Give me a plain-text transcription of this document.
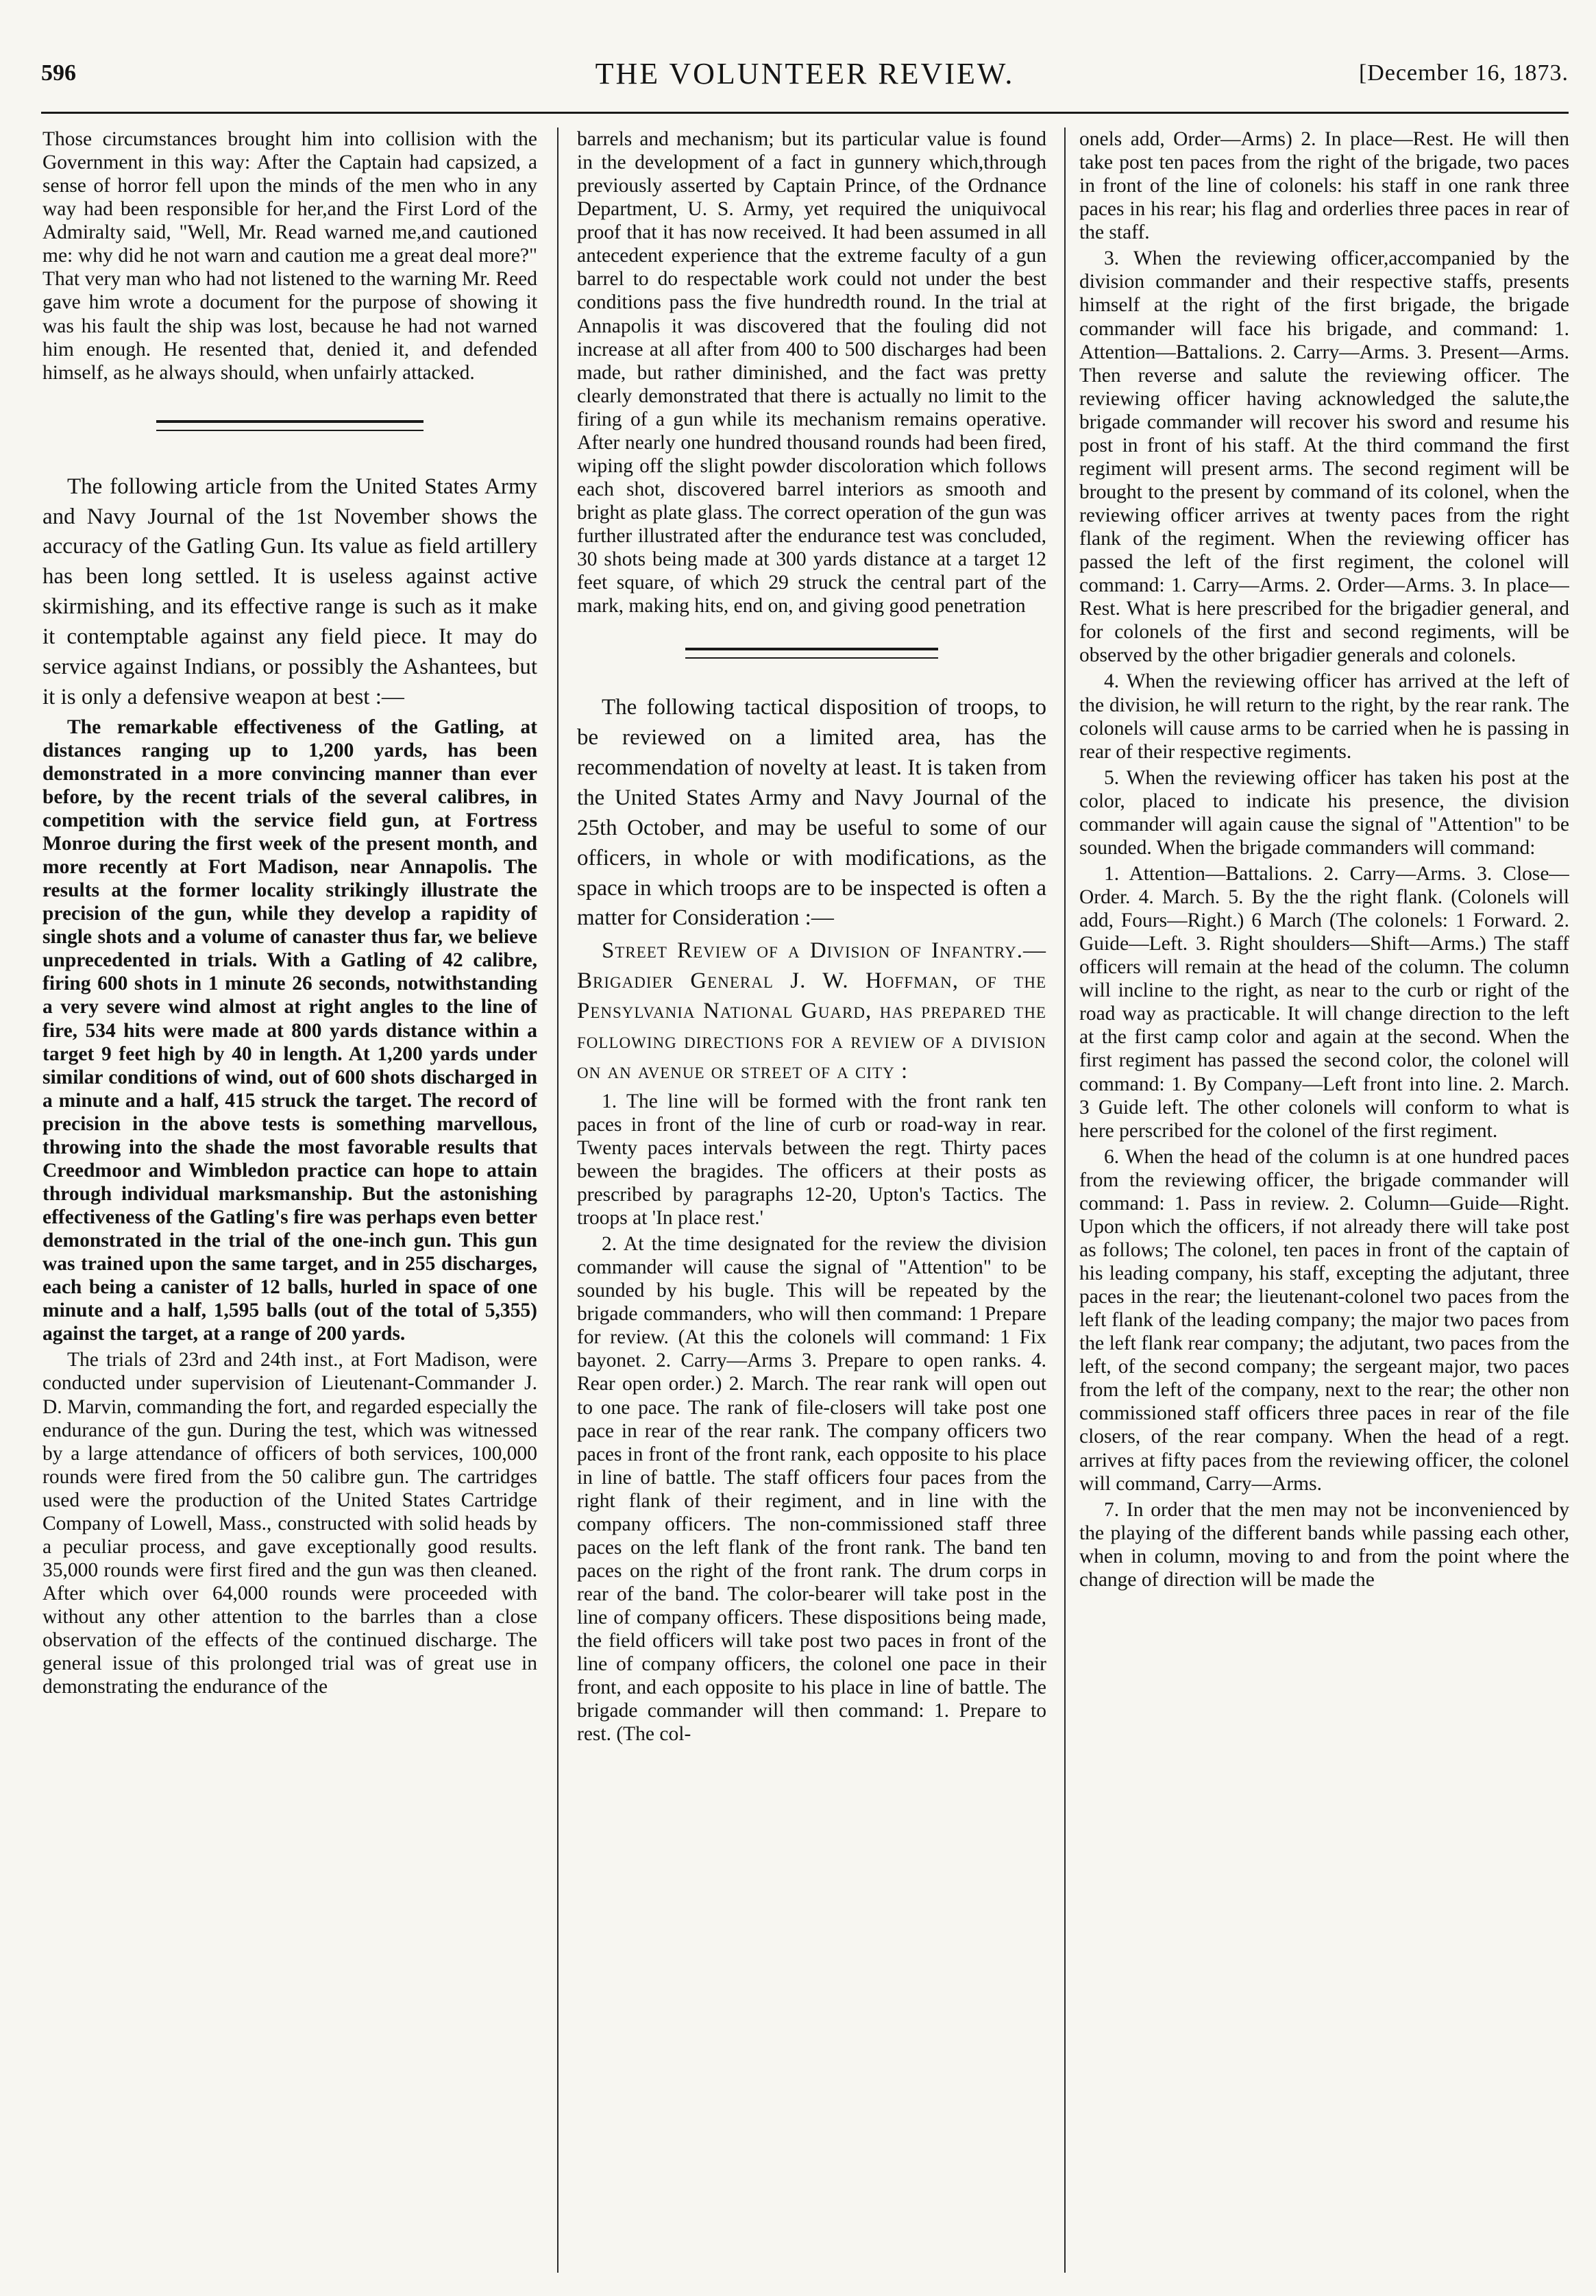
596	THE VOLUNTEER REVIEW.	[December 16, 1873.

Those circumstances brought him into collision with the Government in this way: After the Captain had capsized, a sense of horror fell upon the minds of the men who in any way had been responsible for her,and the First Lord of the Admiralty said, "Well, Mr. Read warned me,and cautioned me: why did he not warn and caution me a great deal more?" That very man who had not listened to the warning Mr. Reed gave him wrote a document for the purpose of showing it was his fault the ship was lost, because he had not warned him enough. He resented that, denied it, and defended himself, as he always should, when unfairly attacked.

The following article from the United States Army and Navy Journal of the 1st November shows the accuracy of the Gatling Gun. Its value as field artillery has been long settled. It is useless against active skirmishing, and its effective range is such as it make it contemptable against any field piece. It may do service against Indians, or possibly the Ashantees, but it is only a defensive weapon at best :—

The remarkable effectiveness of the Gatling, at distances ranging up to 1,200 yards, has been demonstrated in a more convincing manner than ever before, by the recent trials of the several calibres, in competition with the service field gun, at Fortress Monroe during the first week of the present month, and more recently at Fort Madison, near Annapolis. The results at the former locality strikingly illustrate the precision of the gun, while they develop a rapidity of single shots and a volume of canaster thus far, we believe unprecedented in trials. With a Gatling of 42 calibre, firing 600 shots in 1 minute 26 seconds, notwithstanding a very severe wind almost at right angles to the line of fire, 534 hits were made at 800 yards distance within a target 9 feet high by 40 in length. At 1,200 yards under similar conditions of wind, out of 600 shots discharged in a minute and a half, 415 struck the target. The record of precision in the above tests is something marvellous, throwing into the shade the most favorable results that Creedmoor and Wimbledon practice can hope to attain through individual marksmanship. But the astonishing effectiveness of the Gatling's fire was perhaps even better demonstrated in the trial of the one-inch gun. This gun was trained upon the same target, and in 255 discharges, each being a canister of 12 balls, hurled in space of one minute and a half, 1,595 balls (out of the total of 5,355) against the target, at a range of 200 yards.

The trials of 23rd and 24th inst., at Fort Madison, were conducted under supervision of Lieutenant-Commander J. D. Marvin, commanding the fort, and regarded especially the endurance of the gun. During the test, which was witnessed by a large attendance of officers of both services, 100,000 rounds were fired from the 50 calibre gun. The cartridges used were the production of the United States Cartridge Company of Lowell, Mass., constructed with solid heads by a peculiar process, and gave exceptionally good results. 35,000 rounds were first fired and the gun was then cleaned. After which over 64,000 rounds were proceeded with without any other attention to the barrles than a close observation of the effects of the continued discharge. The general issue of this prolonged trial was of great use in demonstrating the endurance of the

barrels and mechanism; but its particular value is found in the development of a fact in gunnery which,through previously asserted by Captain Prince, of the Ordnance Department, U. S. Army, yet required the uniquivocal proof that it has now received. It had been assumed in all antecedent experience that the extreme faculty of a gun barrel to do respectable work could not under the best conditions pass the five hundredth round. In the trial at Annapolis it was discovered that the fouling did not increase at all after from 400 to 500 discharges had been made, but rather diminished, and the fact was pretty clearly demonstrated that there is actually no limit to the firing of a gun while its mechanism remains operative. After nearly one hundred thousand rounds had been fired, wiping off the slight powder discoloration which follows each shot, discovered barrel interiors as smooth and bright as plate glass. The correct operation of the gun was further illustrated after the endurance test was concluded, 30 shots being made at 300 yards distance at a target 12 feet square, of which 29 struck the central part of the mark, making hits, end on, and giving good penetration

The following tactical disposition of troops, to be reviewed on a limited area, has the recommendation of novelty at least. It is taken from the United States Army and Navy Journal of the 25th October, and may be useful to some of our officers, in whole or with modifications, as the space in which troops are to be inspected is often a matter for Consideration :—

Street Review of a Division of Infantry.—Brigadier General J. W. Hoffman, of the Pensylvania National Guard, has prepared the following directions for a review of a division on an avenue or street of a city :

1. The line will be formed with the front rank ten paces in front of the line of curb or road-way in rear. Twenty paces intervals between the regt. Thirty paces beween the bragides. The officers at their posts as prescribed by paragraphs 12-20, Upton's Tactics. The troops at 'In place rest.'

2. At the time designated for the review the division commander will cause the signal of "Attention" to be sounded by his bugle. This will be repeated by the brigade commanders, who will then command: 1 Prepare for review. (At this the colonels will command: 1 Fix bayonet. 2. Carry—Arms 3. Prepare to open ranks. 4. Rear open order.) 2. March. The rear rank will open out to one pace. The rank of file-closers will take post one pace in rear of the rear rank. The company officers two paces in front of the front rank, each opposite to his place in line of battle. The staff officers four paces from the right flank of their regiment, and in line with the company officers. The non-commissioned staff three paces on the left flank of the front rank. The band ten paces on the right of the front rank. The drum corps in rear of the band. The color-bearer will take post in the line of company officers. These dispositions being made, the field officers will take post two paces in front of the line of company officers, the colonel one pace in their front, and each opposite to his place in line of battle. The brigade commander will then command: 1. Prepare to rest. (The col-

onels add, Order—Arms) 2. In place—Rest. He will then take post ten paces from the right of the brigade, two paces in front of the line of colonels: his staff in one rank three paces in his rear; his flag and orderlies three paces in rear of the staff.

3. When the reviewing officer,accompanied by the division commander and their respective staffs, presents himself at the right of the first brigade, the brigade commander will face his brigade, and command: 1. Attention—Battalions. 2. Carry—Arms. 3. Present—Arms. Then reverse and salute the reviewing officer. The reviewing officer having acknowledged the salute,the brigade commander will recover his sword and resume his post in front of his staff. At the third command the first regiment will present arms. The second regiment will be brought to the present by command of its colonel, when the reviewing officer arrives at twenty paces from the right flank of the regiment. When the reviewing officer has passed the left of the first regiment, the colonel will command: 1. Carry—Arms. 2. Order—Arms. 3. In place—Rest. What is here prescribed for the brigadier general, and for colonels of the first and second regiments, will be observed by the other brigadier generals and colonels.

4. When the reviewing officer has arrived at the left of the division, he will return to the right, by the rear rank. The colonels will cause arms to be carried when he is passing in rear of their respective regiments.

5. When the reviewing officer has taken his post at the color, placed to indicate his presence, the division commander will again cause the signal of "Attention" to be sounded. When the brigade commanders will command:

1. Attention—Battalions. 2. Carry—Arms. 3. Close—Order. 4. March. 5. By the the right flank. (Colonels will add, Fours—Right.) 6 March (The colonels: 1 Forward. 2. Guide—Left. 3. Right shoulders—Shift—Arms.) The staff officers will remain at the head of the column. The column will incline to the right, as near to the curb or right of the road way as practicable. It will change direction to the left at the first camp color and again at the second. When the first regiment has passed the second color, the colonel will command: 1. By Company—Left front into line. 2. March. 3 Guide left. The other colonels will conform to what is here perscribed for the colonel of the first regiment.

6. When the head of the column is at one hundred paces from the reviewing officer, the brigade commander will command: 1. Pass in review. 2. Column—Guide—Right. Upon which the officers, if not already there will take post as follows; The colonel, ten paces in front of the captain of his leading company, his staff, excepting the adjutant, three paces in the rear; the lieutenant-colonel two paces from the left flank of the leading company; the major two paces from the left flank rear company; the adjutant, two paces from the left, of the second company; the sergeant major, two paces from the left of the company, next to the rear; the other non commissioned staff officers three paces in rear of the file closers, of the rear company. When the head of a regt. arrives at fifty paces from the reviewing officer, the colonel will command, Carry—Arms.

7. In order that the men may not be inconvenienced by the playing of the different bands while passing each other, when in column, moving to and from the point where the change of direction will be made the
